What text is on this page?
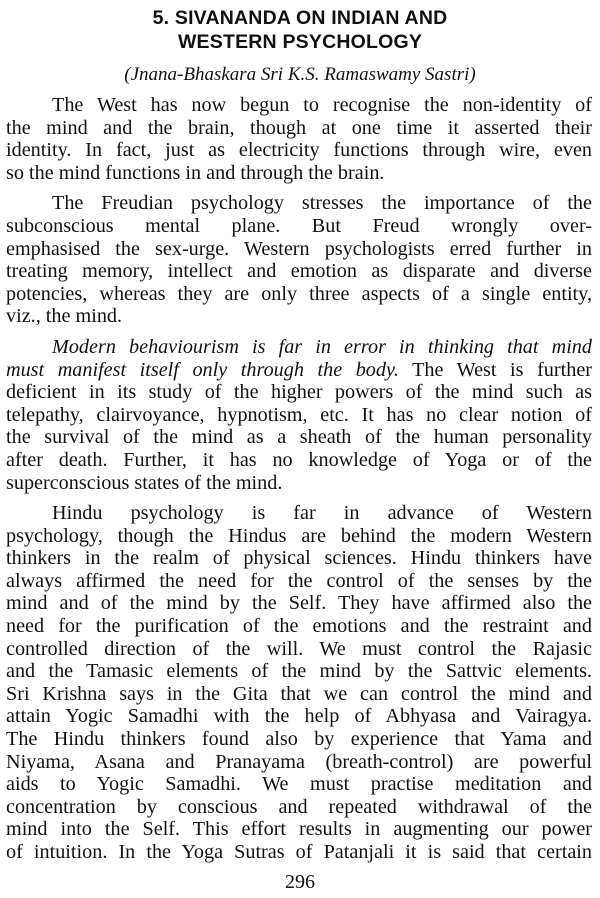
5. SIVANANDA ON INDIAN AND
WESTERN PSYCHOLOGY
(Jnana-Bhaskara Sri K.S. Ramaswamy Sastri)
The West has now begun to recognise the non-identity of
the mind and the brain, though at one time it asserted their
identity. In fact, just as electricity functions through wire, even
so the mind functions in and through the brain.
The Freudian psychology stresses the importance of the
subconscious mental plane. But Freud wrongly over-
emphasised the sex-urge. Western psychologists erred further in
treating memory, intellect and emotion as disparate and diverse
potencies, whereas they are only three aspects of a single entity,
viz., the mind.
Modern behaviourism is far in error in thinking that mind
must manifest itself only through the body. The West is further
deficient in its study of the higher powers of the mind such as
telepathy, clairvoyance, hypnotism, etc. It has no clear notion of
the survival of the mind as a sheath of the human personality
after death. Further, it has no knowledge of Yoga or of the
superconscious states of the mind.
Hindu psychology is far in advance of Western
psychology, though the Hindus are behind the modern Western
thinkers in the realm of physical sciences. Hindu thinkers have
always affirmed the need for the control of the senses by the
mind and of the mind by the Self. They have affirmed also the
need for the purification of the emotions and the restraint and
controlled direction of the will. We must control the Rajasic
and the Tamasic elements of the mind by the Sattvic elements.
Sri Krishna says in the Gita that we can control the mind and
attain Yogic Samadhi with the help of Abhyasa and Vairagya.
The Hindu thinkers found also by experience that Yama and
Niyama, Asana and Pranayama (breath-control) are powerful
aids to Yogic Samadhi. We must practise meditation and
concentration by conscious and repeated withdrawal of the
mind into the Self. This effort results in augmenting our power
of intuition. In the Yoga Sutras of Patanjali it is said that certain
296
